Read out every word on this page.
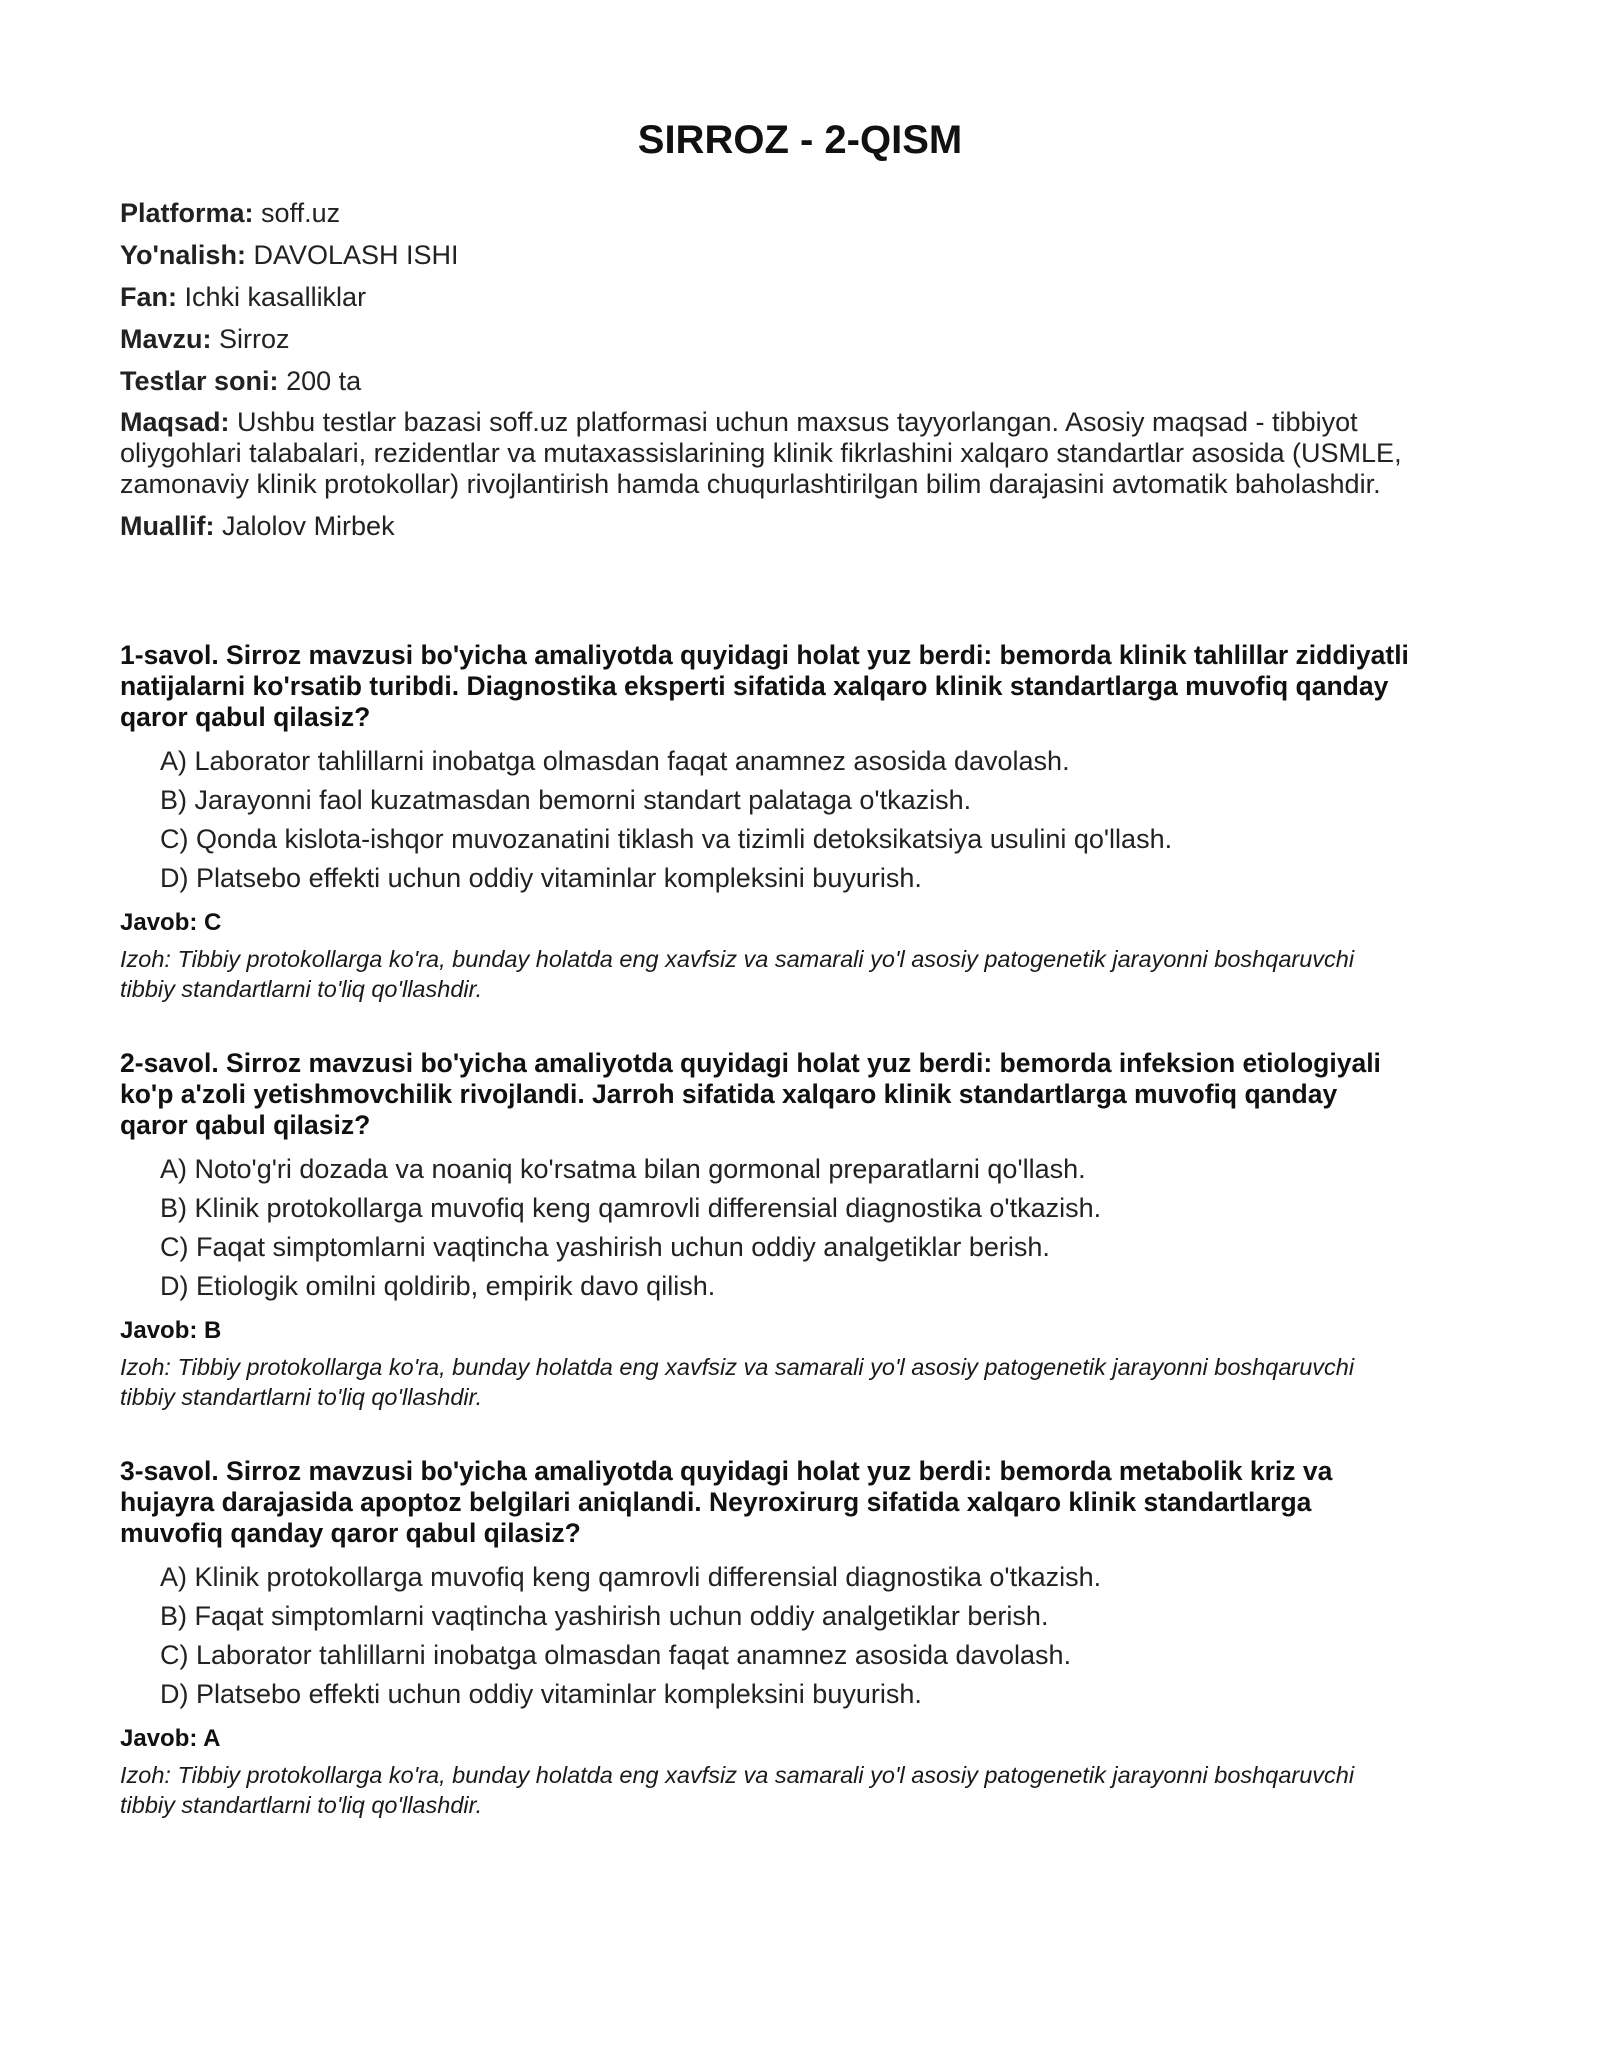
SIRROZ - 2-QISM

Platforma: soff.uz

Yo'nalish: DAVOLASH ISHI

Fan: Ichki kasalliklar

Mavzu: Sirroz

Testlar soni: 200 ta

Maqsad: Ushbu testlar bazasi soff.uz platformasi uchun maxsus tayyorlangan. Asosiy maqsad - tibbiyot oliygohlari talabalari, rezidentlar va mutaxassislarining klinik fikrlashini xalqaro standartlar asosida (USMLE, zamonaviy klinik protokollar) rivojlantirish hamda chuqurlashtirilgan bilim darajasini avtomatik baholashdir.

Muallif: Jalolov Mirbek

1-savol. Sirroz mavzusi bo'yicha amaliyotda quyidagi holat yuz berdi: bemorda klinik tahlillar ziddiyatli natijalarni ko'rsatib turibdi. Diagnostika eksperti sifatida xalqaro klinik standartlarga muvofiq qanday qaror qabul qilasiz?

A) Laborator tahlillarni inobatga olmasdan faqat anamnez asosida davolash.
B) Jarayonni faol kuzatmasdan bemorni standart palataga o'tkazish.
C) Qonda kislota-ishqor muvozanatini tiklash va tizimli detoksikatsiya usulini qo'llash.
D) Platsebo effekti uchun oddiy vitaminlar kompleksini buyurish.

Javob: C

Izoh: Tibbiy protokollarga ko'ra, bunday holatda eng xavfsiz va samarali yo'l asosiy patogenetik jarayonni boshqaruvchi tibbiy standartlarni to'liq qo'llashdir.

2-savol. Sirroz mavzusi bo'yicha amaliyotda quyidagi holat yuz berdi: bemorda infeksion etiologiyali ko'p a'zoli yetishmovchilik rivojlandi. Jarroh sifatida xalqaro klinik standartlarga muvofiq qanday qaror qabul qilasiz?

A) Noto'g'ri dozada va noaniq ko'rsatma bilan gormonal preparatlarni qo'llash.
B) Klinik protokollarga muvofiq keng qamrovli differensial diagnostika o'tkazish.
C) Faqat simptomlarni vaqtincha yashirish uchun oddiy analgetiklar berish.
D) Etiologik omilni qoldirib, empirik davo qilish.

Javob: B

Izoh: Tibbiy protokollarga ko'ra, bunday holatda eng xavfsiz va samarali yo'l asosiy patogenetik jarayonni boshqaruvchi tibbiy standartlarni to'liq qo'llashdir.

3-savol. Sirroz mavzusi bo'yicha amaliyotda quyidagi holat yuz berdi: bemorda metabolik kriz va hujayra darajasida apoptoz belgilari aniqlandi. Neyroxirurg sifatida xalqaro klinik standartlarga muvofiq qanday qaror qabul qilasiz?

A) Klinik protokollarga muvofiq keng qamrovli differensial diagnostika o'tkazish.
B) Faqat simptomlarni vaqtincha yashirish uchun oddiy analgetiklar berish.
C) Laborator tahlillarni inobatga olmasdan faqat anamnez asosida davolash.
D) Platsebo effekti uchun oddiy vitaminlar kompleksini buyurish.

Javob: A

Izoh: Tibbiy protokollarga ko'ra, bunday holatda eng xavfsiz va samarali yo'l asosiy patogenetik jarayonni boshqaruvchi tibbiy standartlarni to'liq qo'llashdir.
